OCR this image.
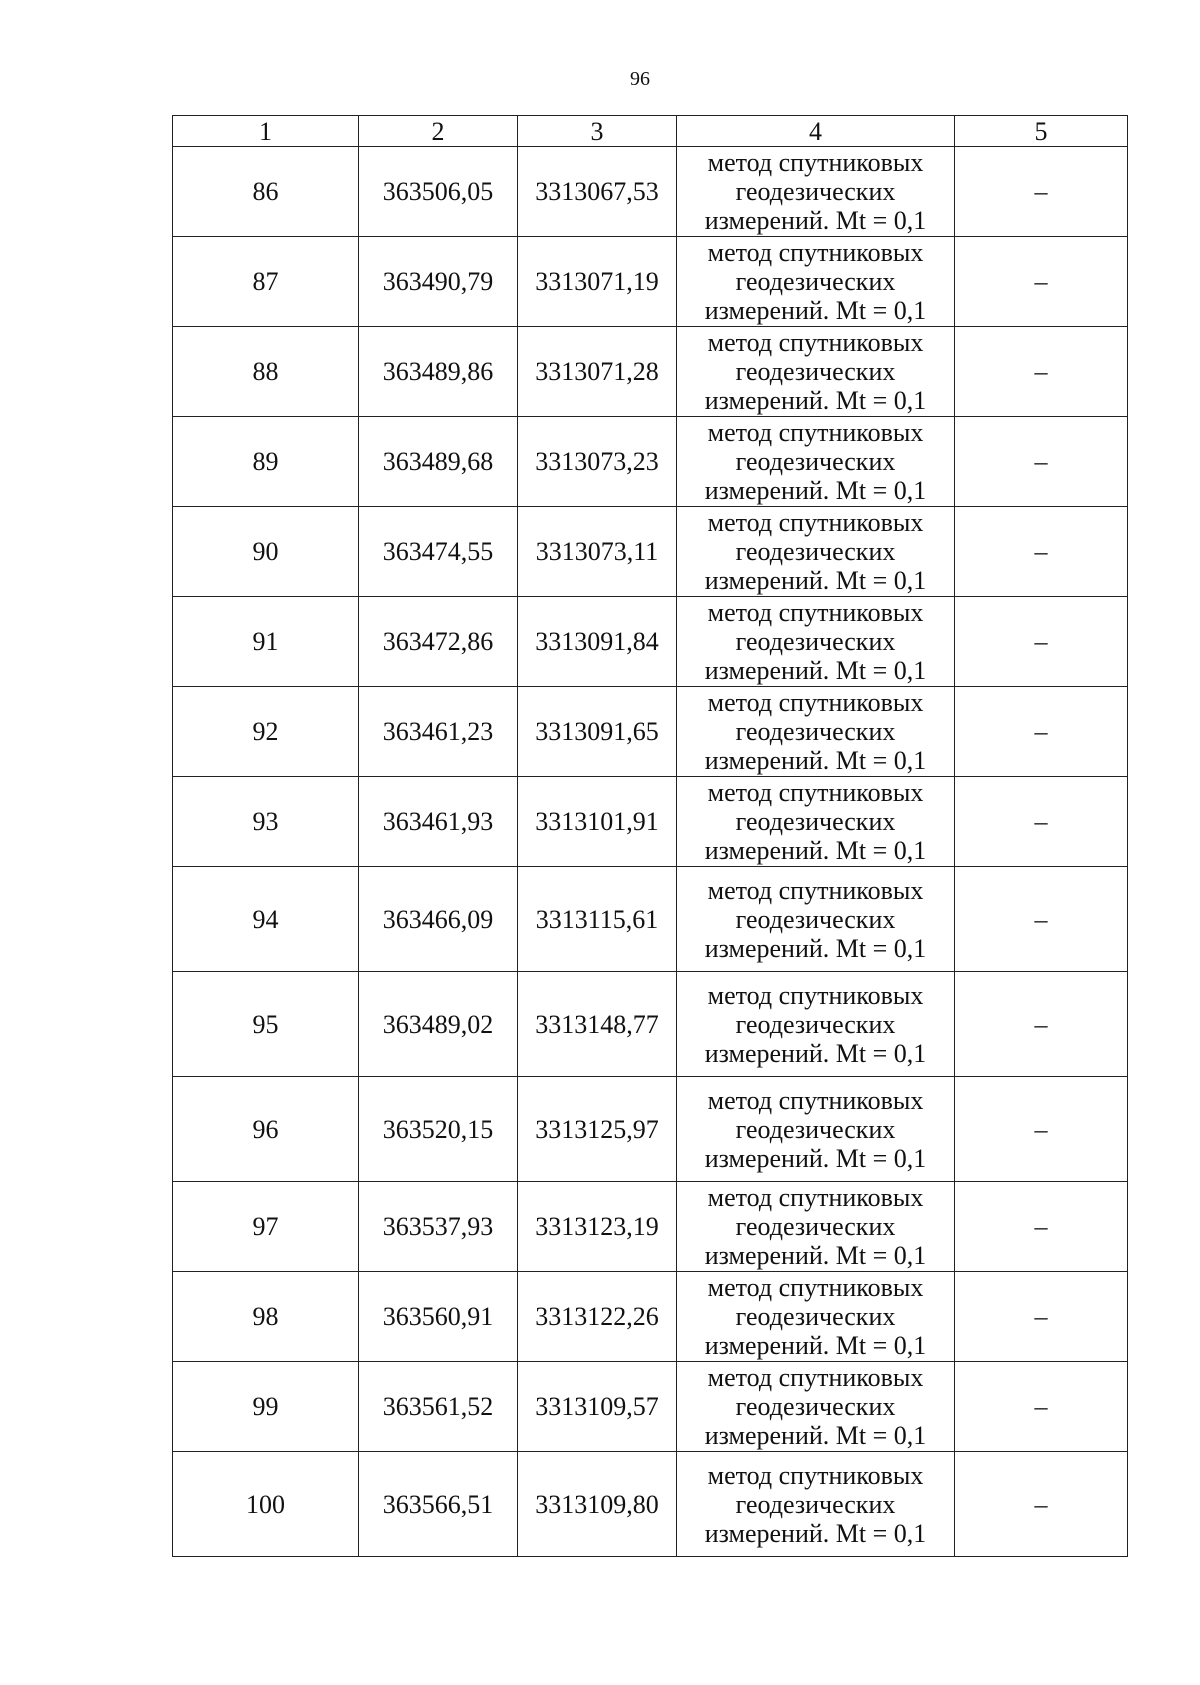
96
1	2	3	4	5
86	363506,05	3313067,53	метод спутниковых геодезических измерений. Mt = 0,1	–
87	363490,79	3313071,19	метод спутниковых геодезических измерений. Mt = 0,1	–
88	363489,86	3313071,28	метод спутниковых геодезических измерений. Mt = 0,1	–
89	363489,68	3313073,23	метод спутниковых геодезических измерений. Mt = 0,1	–
90	363474,55	3313073,11	метод спутниковых геодезических измерений. Mt = 0,1	–
91	363472,86	3313091,84	метод спутниковых геодезических измерений. Mt = 0,1	–
92	363461,23	3313091,65	метод спутниковых геодезических измерений. Mt = 0,1	–
93	363461,93	3313101,91	метод спутниковых геодезических измерений. Mt = 0,1	–
94	363466,09	3313115,61	метод спутниковых геодезических измерений. Mt = 0,1	–
95	363489,02	3313148,77	метод спутниковых геодезических измерений. Mt = 0,1	–
96	363520,15	3313125,97	метод спутниковых геодезических измерений. Mt = 0,1	–
97	363537,93	3313123,19	метод спутниковых геодезических измерений. Mt = 0,1	–
98	363560,91	3313122,26	метод спутниковых геодезических измерений. Mt = 0,1	–
99	363561,52	3313109,57	метод спутниковых геодезических измерений. Mt = 0,1	–
100	363566,51	3313109,80	метод спутниковых геодезических измерений. Mt = 0,1	–
